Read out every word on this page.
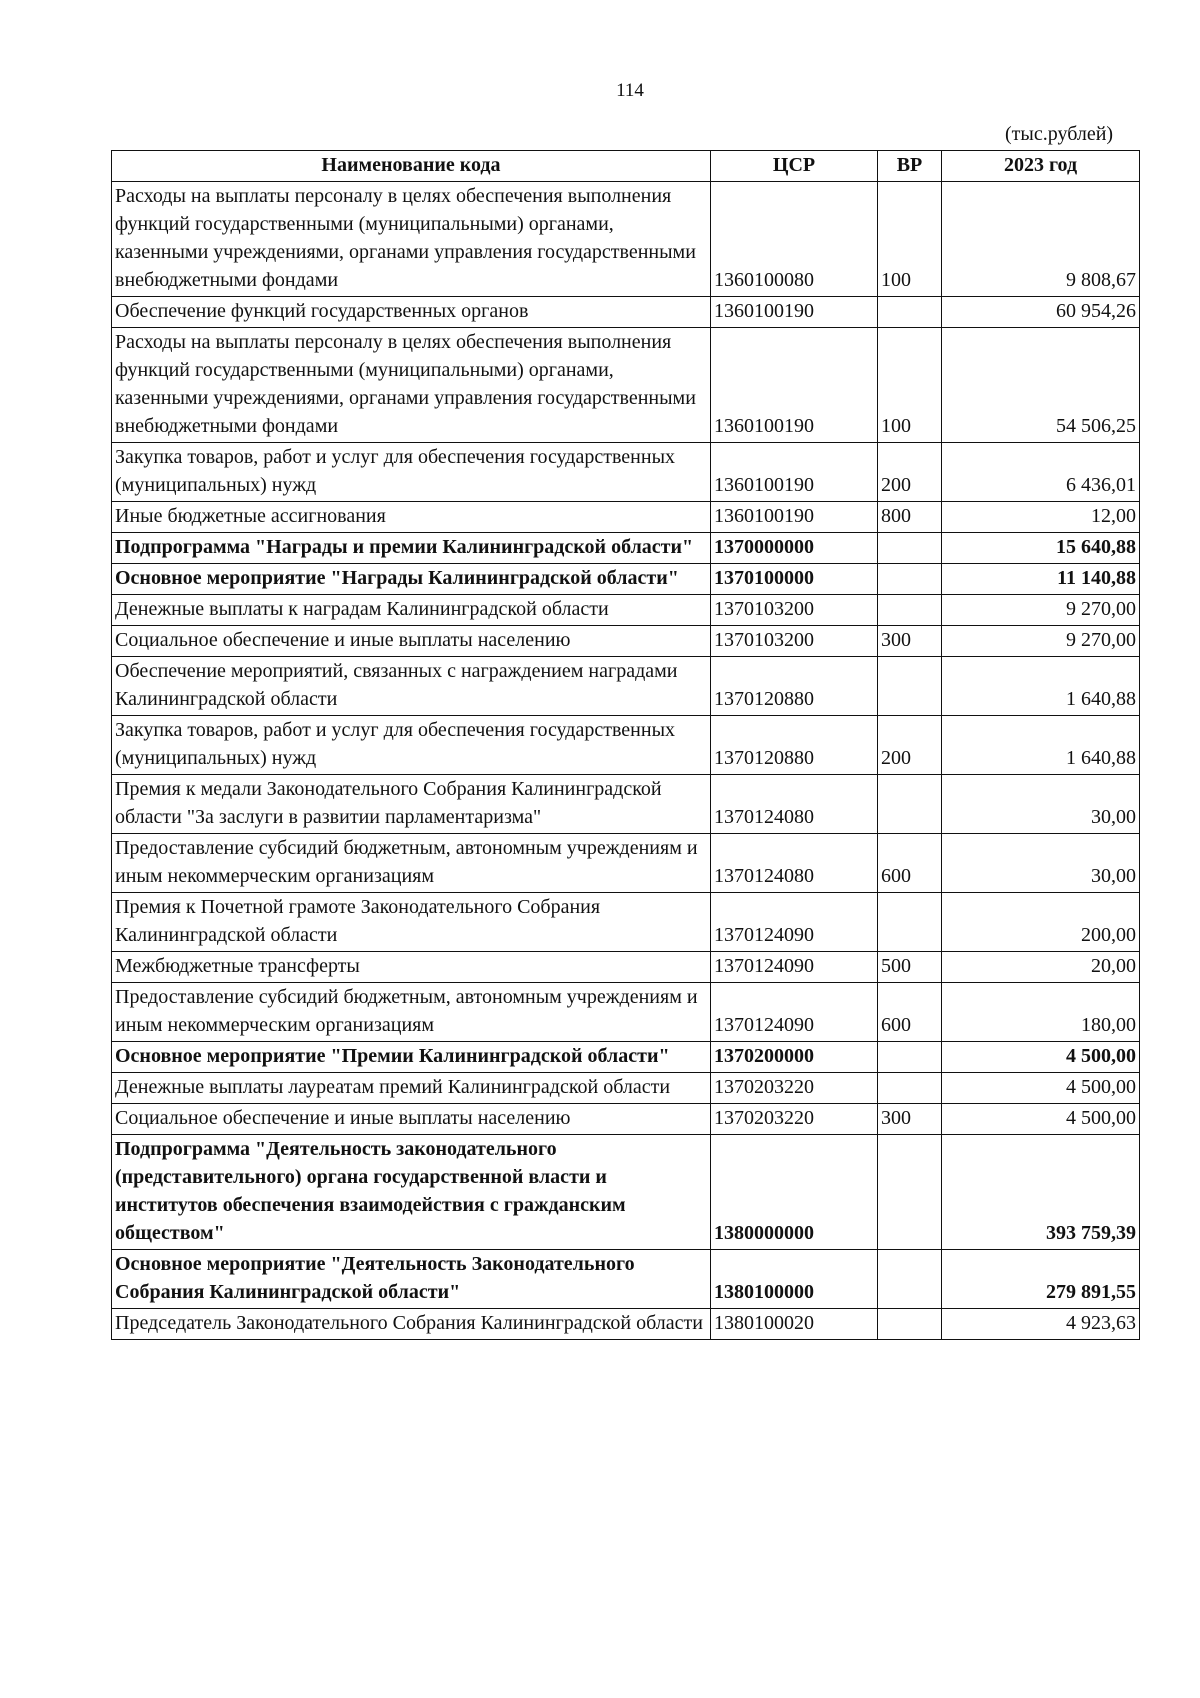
114
(тыс.рублей)
Наименование кода	ЦСР	ВР	2023 год
Расходы на выплаты персоналу в целях обеспечения выполнения функций государственными (муниципальными) органами, казенными учреждениями, органами управления государственными внебюджетными фондами	1360100080	100	9 808,67
Обеспечение функций государственных органов	1360100190		60 954,26
Расходы на выплаты персоналу в целях обеспечения выполнения функций государственными (муниципальными) органами, казенными учреждениями, органами управления государственными внебюджетными фондами	1360100190	100	54 506,25
Закупка товаров, работ и услуг для обеспечения государственных (муниципальных) нужд	1360100190	200	6 436,01
Иные бюджетные ассигнования	1360100190	800	12,00
Подпрограмма "Награды и премии Калининградской области"	1370000000		15 640,88
Основное мероприятие "Награды Калининградской области"	1370100000		11 140,88
Денежные выплаты к наградам Калининградской области	1370103200		9 270,00
Социальное обеспечение и иные выплаты населению	1370103200	300	9 270,00
Обеспечение мероприятий, связанных с награждением наградами Калининградской области	1370120880		1 640,88
Закупка товаров, работ и услуг для обеспечения государственных (муниципальных) нужд	1370120880	200	1 640,88
Премия к медали Законодательного Собрания Калининградской области "За заслуги в развитии парламентаризма"	1370124080		30,00
Предоставление субсидий бюджетным, автономным учреждениям и иным некоммерческим организациям	1370124080	600	30,00
Премия к Почетной грамоте Законодательного Собрания Калининградской области	1370124090		200,00
Межбюджетные трансферты	1370124090	500	20,00
Предоставление субсидий бюджетным, автономным учреждениям и иным некоммерческим организациям	1370124090	600	180,00
Основное мероприятие "Премии Калининградской области"	1370200000		4 500,00
Денежные выплаты лауреатам премий Калининградской области	1370203220		4 500,00
Социальное обеспечение и иные выплаты населению	1370203220	300	4 500,00
Подпрограмма "Деятельность законодательного (представительного) органа государственной власти и институтов обеспечения взаимодействия с гражданским обществом"	1380000000		393 759,39
Основное мероприятие "Деятельность Законодательного Собрания Калининградской области"	1380100000		279 891,55
Председатель Законодательного Собрания Калининградской области	1380100020		4 923,63
